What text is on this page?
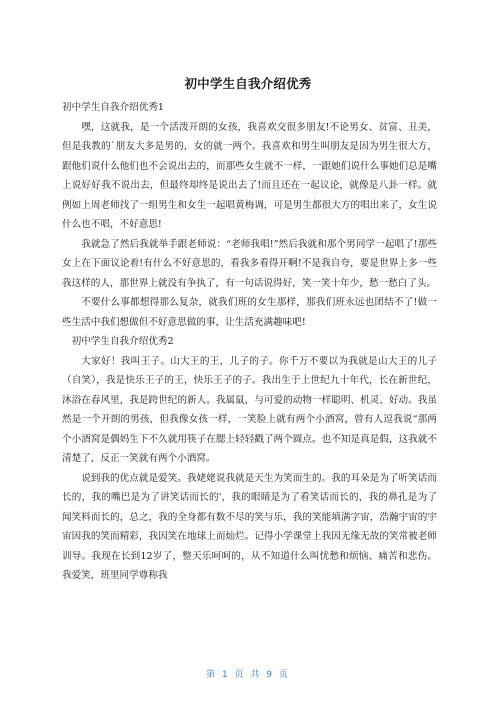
初中学生自我介绍优秀

初中学生自我介绍优秀1

嘿，这就我，是一个活泼开朗的女孩，我喜欢交很多朋友!不论男女、贫富、丑美，但是我教的`朋友大多是男的，女的就一两个。我喜欢和男生叫朋友是因为男生很大方，跟他们说什么他们也不会说出去的，而那些女生就不一样，一跟她们说什么事她们总是嘴上说好好我不说出去，但最终却终是说出去了!而且还在一起议论，就像是八卦一样。就例如上周老师找了一组男生和女生一起唱黄梅调，可是男生都很大方的唱出来了，女生说什么也不唱，不好意思!

我就急了然后我就举手跟老师说：“老师我唱!”然后我就和那个男同学一起唱了!那些女上在下面议论着!有什么不好意思的，看我多看得开啊!不是我自夸，要是世界上多一些我这样的人，那世界上就没有争执了，有一句话说得好，笑一笑十年少，愁一愁白了头。

不要什么事都想得那么复杂，就我们班的女生那样，那我们班永远也团结不了!做一些生活中我们想做但不好意思做的事，让生活充满趣味吧!

初中学生自我介绍优秀2

大家好！我叫王子。山大王的王，儿子的子。你千万不要以为我就是山大王的儿子（自笑），我是快乐王子的王，快乐王子的子。我出生于上世纪九十年代，长在新世纪，沐浴在春风里，我是跨世纪的新人。我属鼠，与可爱的动物一样聪明、机灵、好动。我虽然是一个开朗的男孩，但我像女孩一样，一笑脸上就有两个小酒窝，曾有人逗我说“那两个小酒窝是偶妈生下不久就用筷子在腮上轻轻戳了两个圆点。也不知是真是假，这我就不清楚了，反正一笑就有两个小酒窝。

说到我的优点就是爱笑。我姥姥说我就是天生为笑而生的。我的耳朵是为了听笑话而长的，我的嘴巴是为了讲笑话而长的'，我的眼睛是为了看笑话而长的，我的鼻孔是为了闻笑料而长的，总之，我的全身都有数不尽的笑与乐，我的笑能填满字宙，浩瀚宇宙的宇宙因我的笑而精彩，我因笑在地球上而灿烂。记得小学课堂上我因无缘无故的笑常被老师训导。我现在长到12岁了，整天乐呵呵的，从不知道什么叫忧愁和烦恼、痛苦和悲伤。我爱笑，班里同学尊称我

第 1 页 共 9 页
